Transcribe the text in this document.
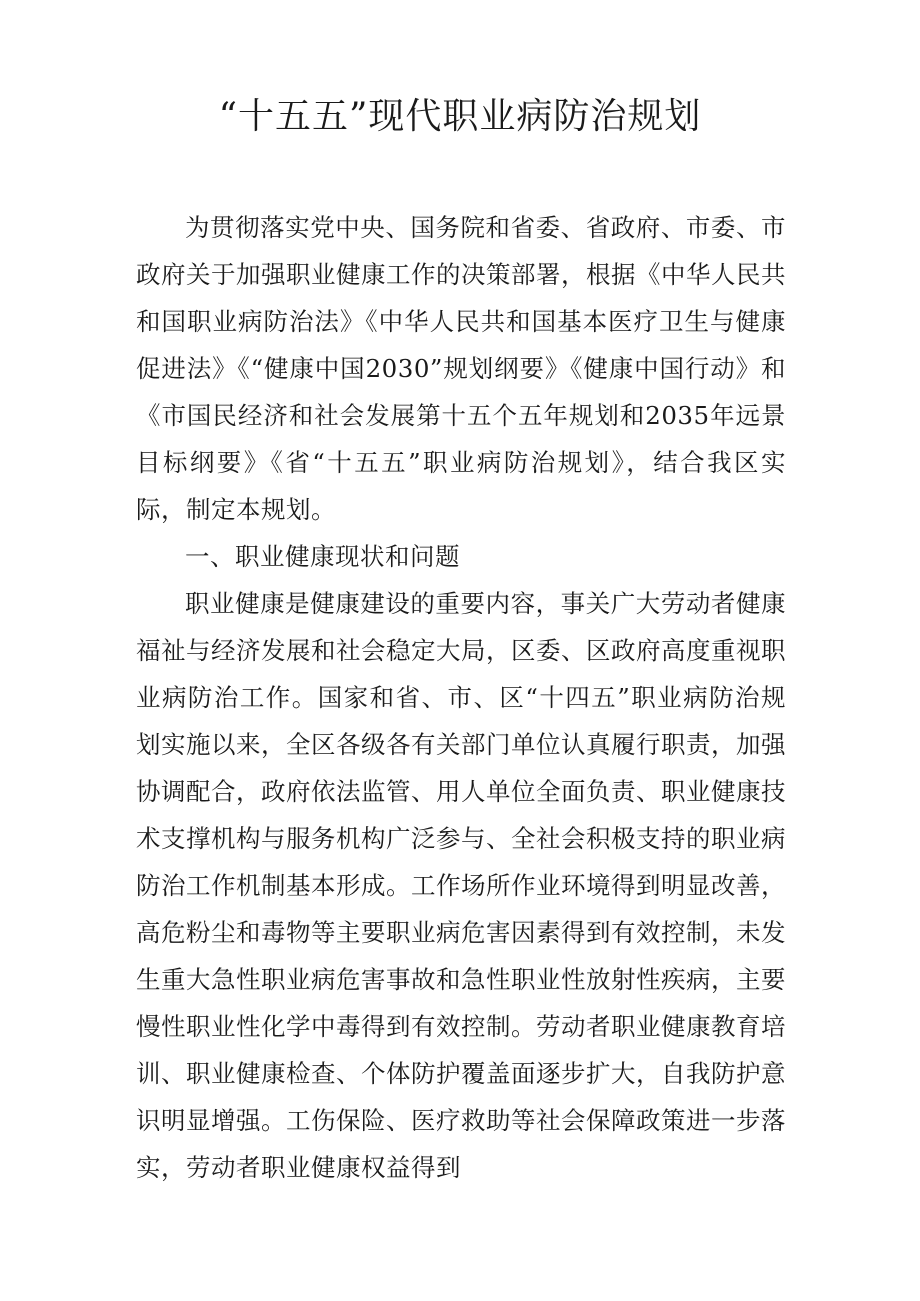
“十五五”现代职业病防治规划

为贯彻落实党中央、国务院和省委、省政府、市委、市政府关于加强职业健康工作的决策部署，根据《中华人民共和国职业病防治法》《中华人民共和国基本医疗卫生与健康促进法》《“健康中国2030”规划纲要》《健康中国行动》和《市国民经济和社会发展第十五个五年规划和2035年远景目标纲要》《省“十五五”职业病防治规划》，结合我区实际，制定本规划。

一、职业健康现状和问题

职业健康是健康建设的重要内容，事关广大劳动者健康福祉与经济发展和社会稳定大局，区委、区政府高度重视职业病防治工作。国家和省、市、区“十四五”职业病防治规划实施以来，全区各级各有关部门单位认真履行职责，加强协调配合，政府依法监管、用人单位全面负责、职业健康技术支撑机构与服务机构广泛参与、全社会积极支持的职业病防治工作机制基本形成。工作场所作业环境得到明显改善，高危粉尘和毒物等主要职业病危害因素得到有效控制，未发生重大急性职业病危害事故和急性职业性放射性疾病，主要慢性职业性化学中毒得到有效控制。劳动者职业健康教育培训、职业健康检查、个体防护覆盖面逐步扩大，自我防护意识明显增强。工伤保险、医疗救助等社会保障政策进一步落实，劳动者职业健康权益得到
